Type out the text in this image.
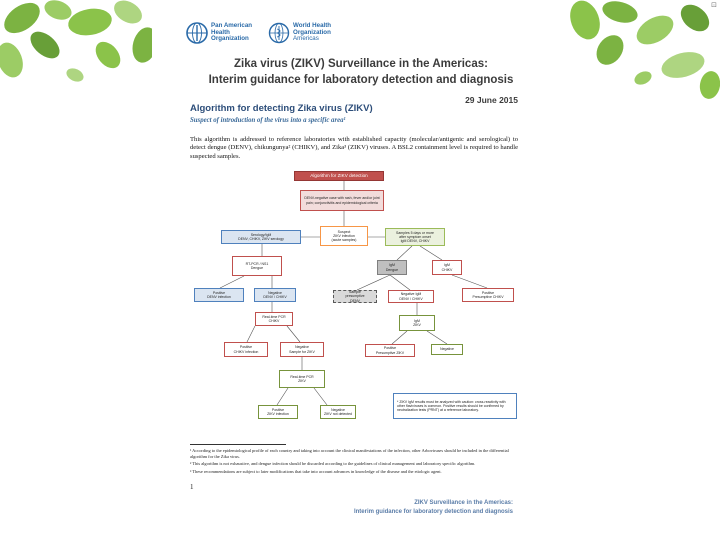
⊡
Pan American
Health
Organization
World Health
Organization
Americas
Zika virus (ZIKV) Surveillance in the Americas:
Interim guidance for laboratory detection and diagnosis
29 June 2015
Algorithm for detecting Zika virus (ZIKV)
Suspect of introduction of the virus into a specific area¹
This algorithm is addressed to reference laboratories with established capacity (molecular/antigenic and serological) to detect dengue (DENV), chikungunya² (CHIKV), and Zika³ (ZIKV) viruses. A BSL2 containment level is required to handle suspected samples.
Algorithm for ZIKV detection
DENV-negative case with rash, fever and/or joint pain; conjunctivitis and epidemiological criteria
Serology/IgM
DENV, CHIKV, ZIKV serology
Suspect
ZIKV infection
(acute samples)
Samples 5 days or more
after symptom onset
IgM DENV, CHIKV
RT-PCR / NS1
Dengue
IgM
Dengue
IgM
CHIKV
Positive
DENV infection
Negative
DENV / CHIKV
Sample
presumptive
DENV
Negative IgM
DENV / CHIKV
Positive
Presumptive CHIKV
Real-time PCR
CHIKV	IgM
ZIKV
Positive
CHIKV infection
Negative
Sample for ZIKV
Positive
Presumptive ZIKV
Negative
Real-time PCR
ZIKV
Positive
ZIKV infection
Negative
ZIKV not detected
* ZIKV IgM results must be analyzed with caution: cross-reactivity with other flaviviruses is common. Positive results should be confirmed by neutralization tests (PRNT) at a reference laboratory.

¹ According to the epidemiological profile of each country and taking into account the clinical manifestations of the infection, other Arboviruses should be included in the differential algorithm for the Zika virus.

² This algorithm is not exhaustive, and dengue infection should be discarded according to the guidelines of clinical management and laboratory specific algorithm.

³ These recommendations are subject to later modifications that take into account advances in knowledge of the disease and the etiologic agent.

1
ZIKV Surveillance in the Americas:
Interim guidance for laboratory detection and diagnosis
